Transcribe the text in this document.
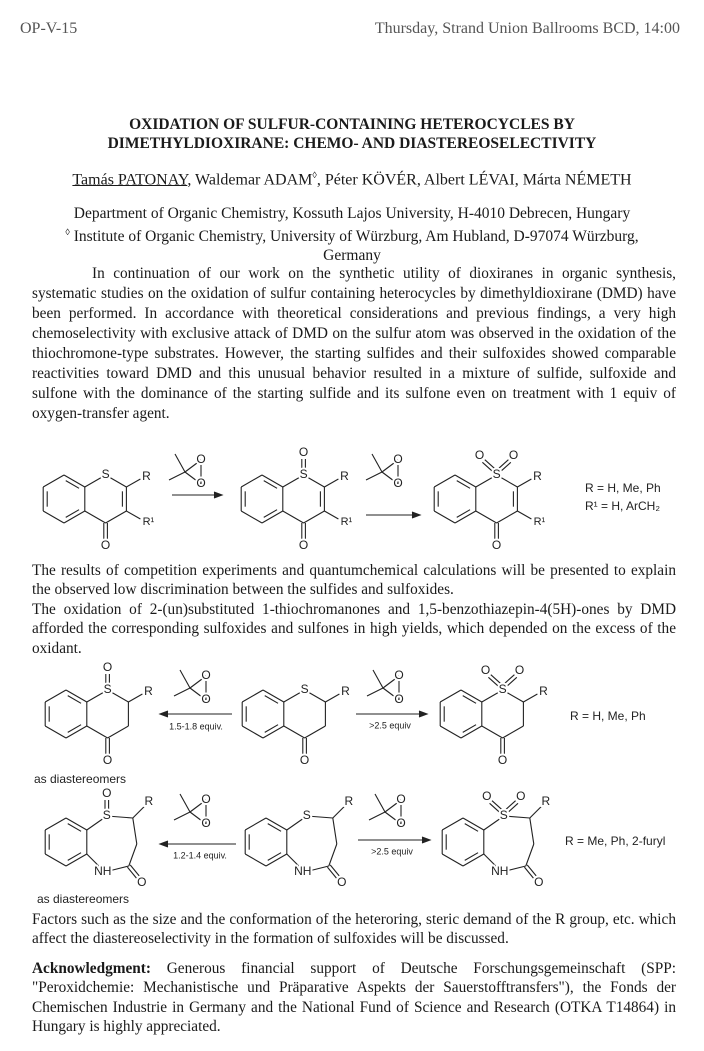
OP-V-15	Thursday, Strand Union Ballrooms BCD, 14:00
OXIDATION OF SULFUR-CONTAINING HETEROCYCLES BY
DIMETHYLDIOXIRANE: CHEMO- AND DIASTEREOSELECTIVITY
Tamás PATONAY, Waldemar ADAM◊, Péter KÖVÉR, Albert LÉVAI, Márta NÉMETH
Department of Organic Chemistry, Kossuth Lajos University, H-4010 Debrecen, Hungary
◊ Institute of Organic Chemistry, University of Würzburg, Am Hubland, D-97074 Würzburg,
Germany

In continuation of our work on the synthetic utility of dioxiranes in organic synthesis, systematic studies on the oxidation of sulfur containing heterocycles by dimethyldioxirane (DMD) have been performed. In accordance with theoretical considerations and previous findings, a very high chemoselectivity with exclusive attack of DMD on the sulfur atom was observed in the oxidation of the thiochromone-type substrates. However, the starting sulfides and their sulfoxides showed comparable reactivities toward DMD and this unusual behavior resulted in a mixture of sulfide, sulfoxide and sulfone with the dominance of the starting sulfide and its sulfone even on treatment with 1 equiv of oxygen-transfer agent.

The results of competition experiments and quantumchemical calculations will be presented to explain the observed low discrimination between the sulfides and sulfoxides.

The oxidation of 2-(un)substituted 1-thiochromanones and 1,5-benzothiazepin-4(5H)-ones by DMD afforded the corresponding sulfoxides and sulfones in high yields, which depended on the excess of the oxidant.

Factors such as the size and the conformation of the heteroring, steric demand of the R group, etc. which affect the diastereoselectivity in the formation of sulfoxides will be discussed.

Acknowledgment: Generous financial support of Deutsche Forschungsgemeinschaft (SPP: "Peroxidchemie: Mechanistische und Präparative Aspekts der Sauerstofftransfers"), the Fonds der Chemischen Industrie in Germany and the National Fund of Science and Research (OTKA T14864) in Hungary is highly appreciated.

R
R¹
O
S
O
O	R
R¹
O
O
S
O
O	R
R¹
O
O O
S
R = H, Me, Ph
R¹ = H, ArCH₂
R
O
O
S
O
O
1.5-1.8 equiv.
R
O
S
O
O
>2.5 equiv
R
O
O O
S
R = H, Me, Ph
as diastereomers
R
O
NH
O
S
O
O
1.2-1.4 equiv.
R
O
NH
S
O
O
>2.5 equiv
R
O
NH
O O
S
R = Me, Ph, 2-furyl
as diastereomers
